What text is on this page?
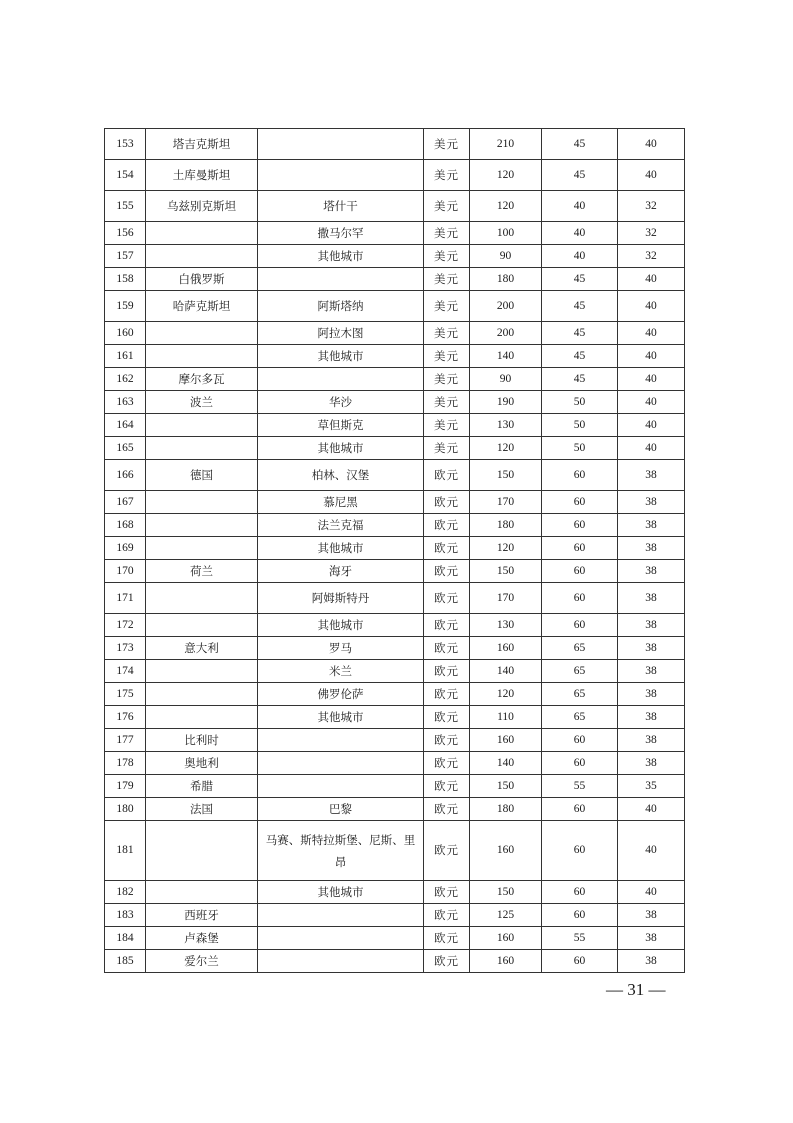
153	塔吉克斯坦		美元	210	45	40
154	土库曼斯坦		美元	120	45	40
155	乌兹别克斯坦	塔什干	美元	120	40	32
156		撒马尔罕	美元	100	40	32
157		其他城市	美元	90	40	32
158	白俄罗斯		美元	180	45	40
159	哈萨克斯坦	阿斯塔纳	美元	200	45	40
160		阿拉木图	美元	200	45	40
161		其他城市	美元	140	45	40
162	摩尔多瓦		美元	90	45	40
163	波兰	华沙	美元	190	50	40
164		草但斯克	美元	130	50	40
165		其他城市	美元	120	50	40
166	德国	柏林、汉堡	欧元	150	60	38
167		慕尼黑	欧元	170	60	38
168		法兰克福	欧元	180	60	38
169		其他城市	欧元	120	60	38
170	荷兰	海牙	欧元	150	60	38
171		阿姆斯特丹	欧元	170	60	38
172		其他城市	欧元	130	60	38
173	意大利	罗马	欧元	160	65	38
174		米兰	欧元	140	65	38
175		佛罗伦萨	欧元	120	65	38
176		其他城市	欧元	110	65	38
177	比利时		欧元	160	60	38
178	奥地利		欧元	140	60	38
179	希腊		欧元	150	55	35
180	法国	巴黎	欧元	180	60	40
181		马赛、斯特拉斯堡、尼斯、里昂	欧元	160	60	40
182		其他城市	欧元	150	60	40
183	西班牙		欧元	125	60	38
184	卢森堡		欧元	160	55	38
185	爱尔兰		欧元	160	60	38
— 31 —
